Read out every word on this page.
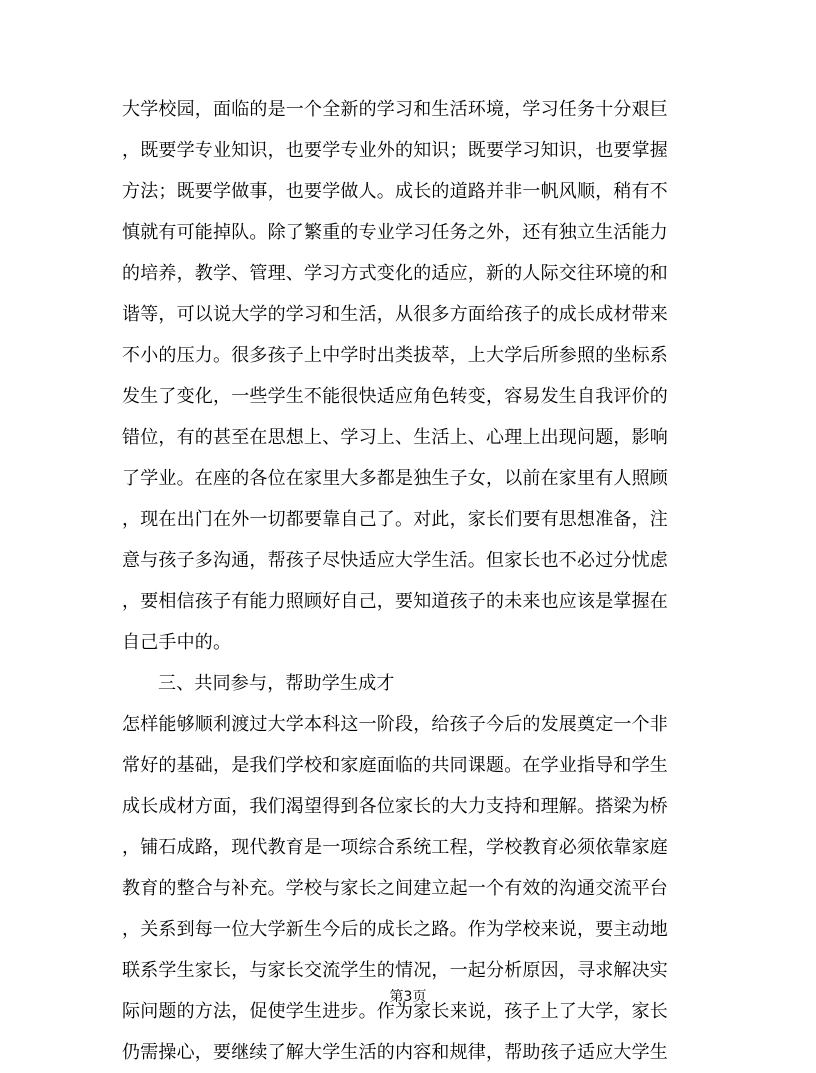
大学校园，面临的是一个全新的学习和生活环境，学习任务十分艰巨
，既要学专业知识，也要学专业外的知识；既要学习知识，也要掌握
方法；既要学做事，也要学做人。成长的道路并非一帆风顺，稍有不
慎就有可能掉队。除了繁重的专业学习任务之外，还有独立生活能力
的培养，教学、管理、学习方式变化的适应，新的人际交往环境的和
谐等，可以说大学的学习和生活，从很多方面给孩子的成长成材带来
不小的压力。很多孩子上中学时出类拔萃，上大学后所参照的坐标系
发生了变化，一些学生不能很快适应角色转变，容易发生自我评价的
错位，有的甚至在思想上、学习上、生活上、心理上出现问题，影响
了学业。在座的各位在家里大多都是独生子女，以前在家里有人照顾
，现在出门在外一切都要靠自己了。对此，家长们要有思想准备，注
意与孩子多沟通，帮孩子尽快适应大学生活。但家长也不必过分忧虑
，要相信孩子有能力照顾好自己，要知道孩子的未来也应该是掌握在
自己手中的。
三、共同参与，帮助学生成才
怎样能够顺利渡过大学本科这一阶段，给孩子今后的发展奠定一个非
常好的基础，是我们学校和家庭面临的共同课题。在学业指导和学生
成长成材方面，我们渴望得到各位家长的大力支持和理解。搭梁为桥
，铺石成路，现代教育是一项综合系统工程，学校教育必须依靠家庭
教育的整合与补充。学校与家长之间建立起一个有效的沟通交流平台
，关系到每一位大学新生今后的成长之路。作为学校来说，要主动地
联系学生家长，与家长交流学生的情况，一起分析原因，寻求解决实
际问题的方法，促使学生进步。作为家长来说，孩子上了大学，家长
仍需操心，要继续了解大学生活的内容和规律，帮助孩子适应大学生
第3页
